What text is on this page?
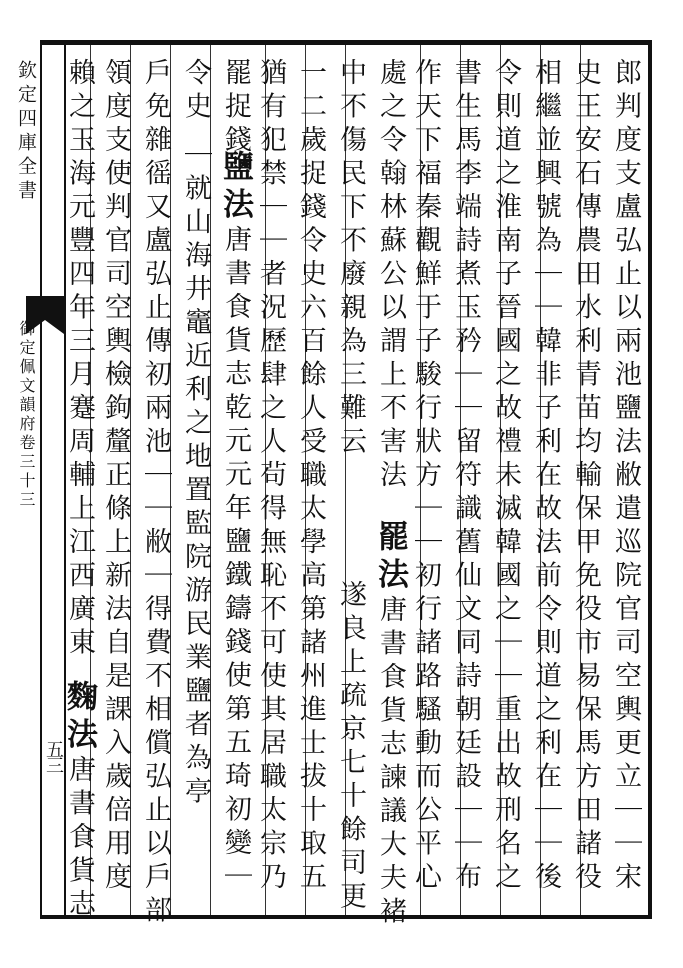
欽定四庫全書
御定佩文韻府卷三十三
五三	郎判度支盧弘止以兩池鹽法敝遣巡院官司空輿更立｜｜宋
史王安石傳農田水利青苗均輸保甲免役市易保馬方田諸役
相繼並興號為｜｜韓非子利在故法前令則道之利在｜｜後
令則道之淮南子晉國之故禮未滅韓國之｜｜重出故刑名之
書生馬李端詩煮玉矜｜｜留符識舊仙文同詩朝廷設｜｜布
作天下福秦觀鮮于子駿行狀方｜｜初行諸路騷動而公平心
處之令翰林蘇公以謂上不害法
罷法唐書食貨志諫議大夫褚
中不傷民下不廢親為三難云
遂良上疏京七十餘司更
一二歲捉錢令史六百餘人受職太學高第諸州進士拔十取五
猶有犯禁｜｜者況歷肆之人茍得無恥不可使其居職太宗乃
罷捉錢
鹽法唐書食貨志乾元元年鹽鐵鑄錢使第五琦初變｜
令史
｜就山海井竈近利之地置監院游民業鹽者為亭
戶免雜徭又盧弘止傳初兩池｜｜敝｜得費不相償弘止以戶部
領度支使判官司空輿檢鉤釐正條上新法自是課入歲倍用度
賴之玉海元豐四年三月蹇周輔上江西廣東
麴法唐書食貨志
